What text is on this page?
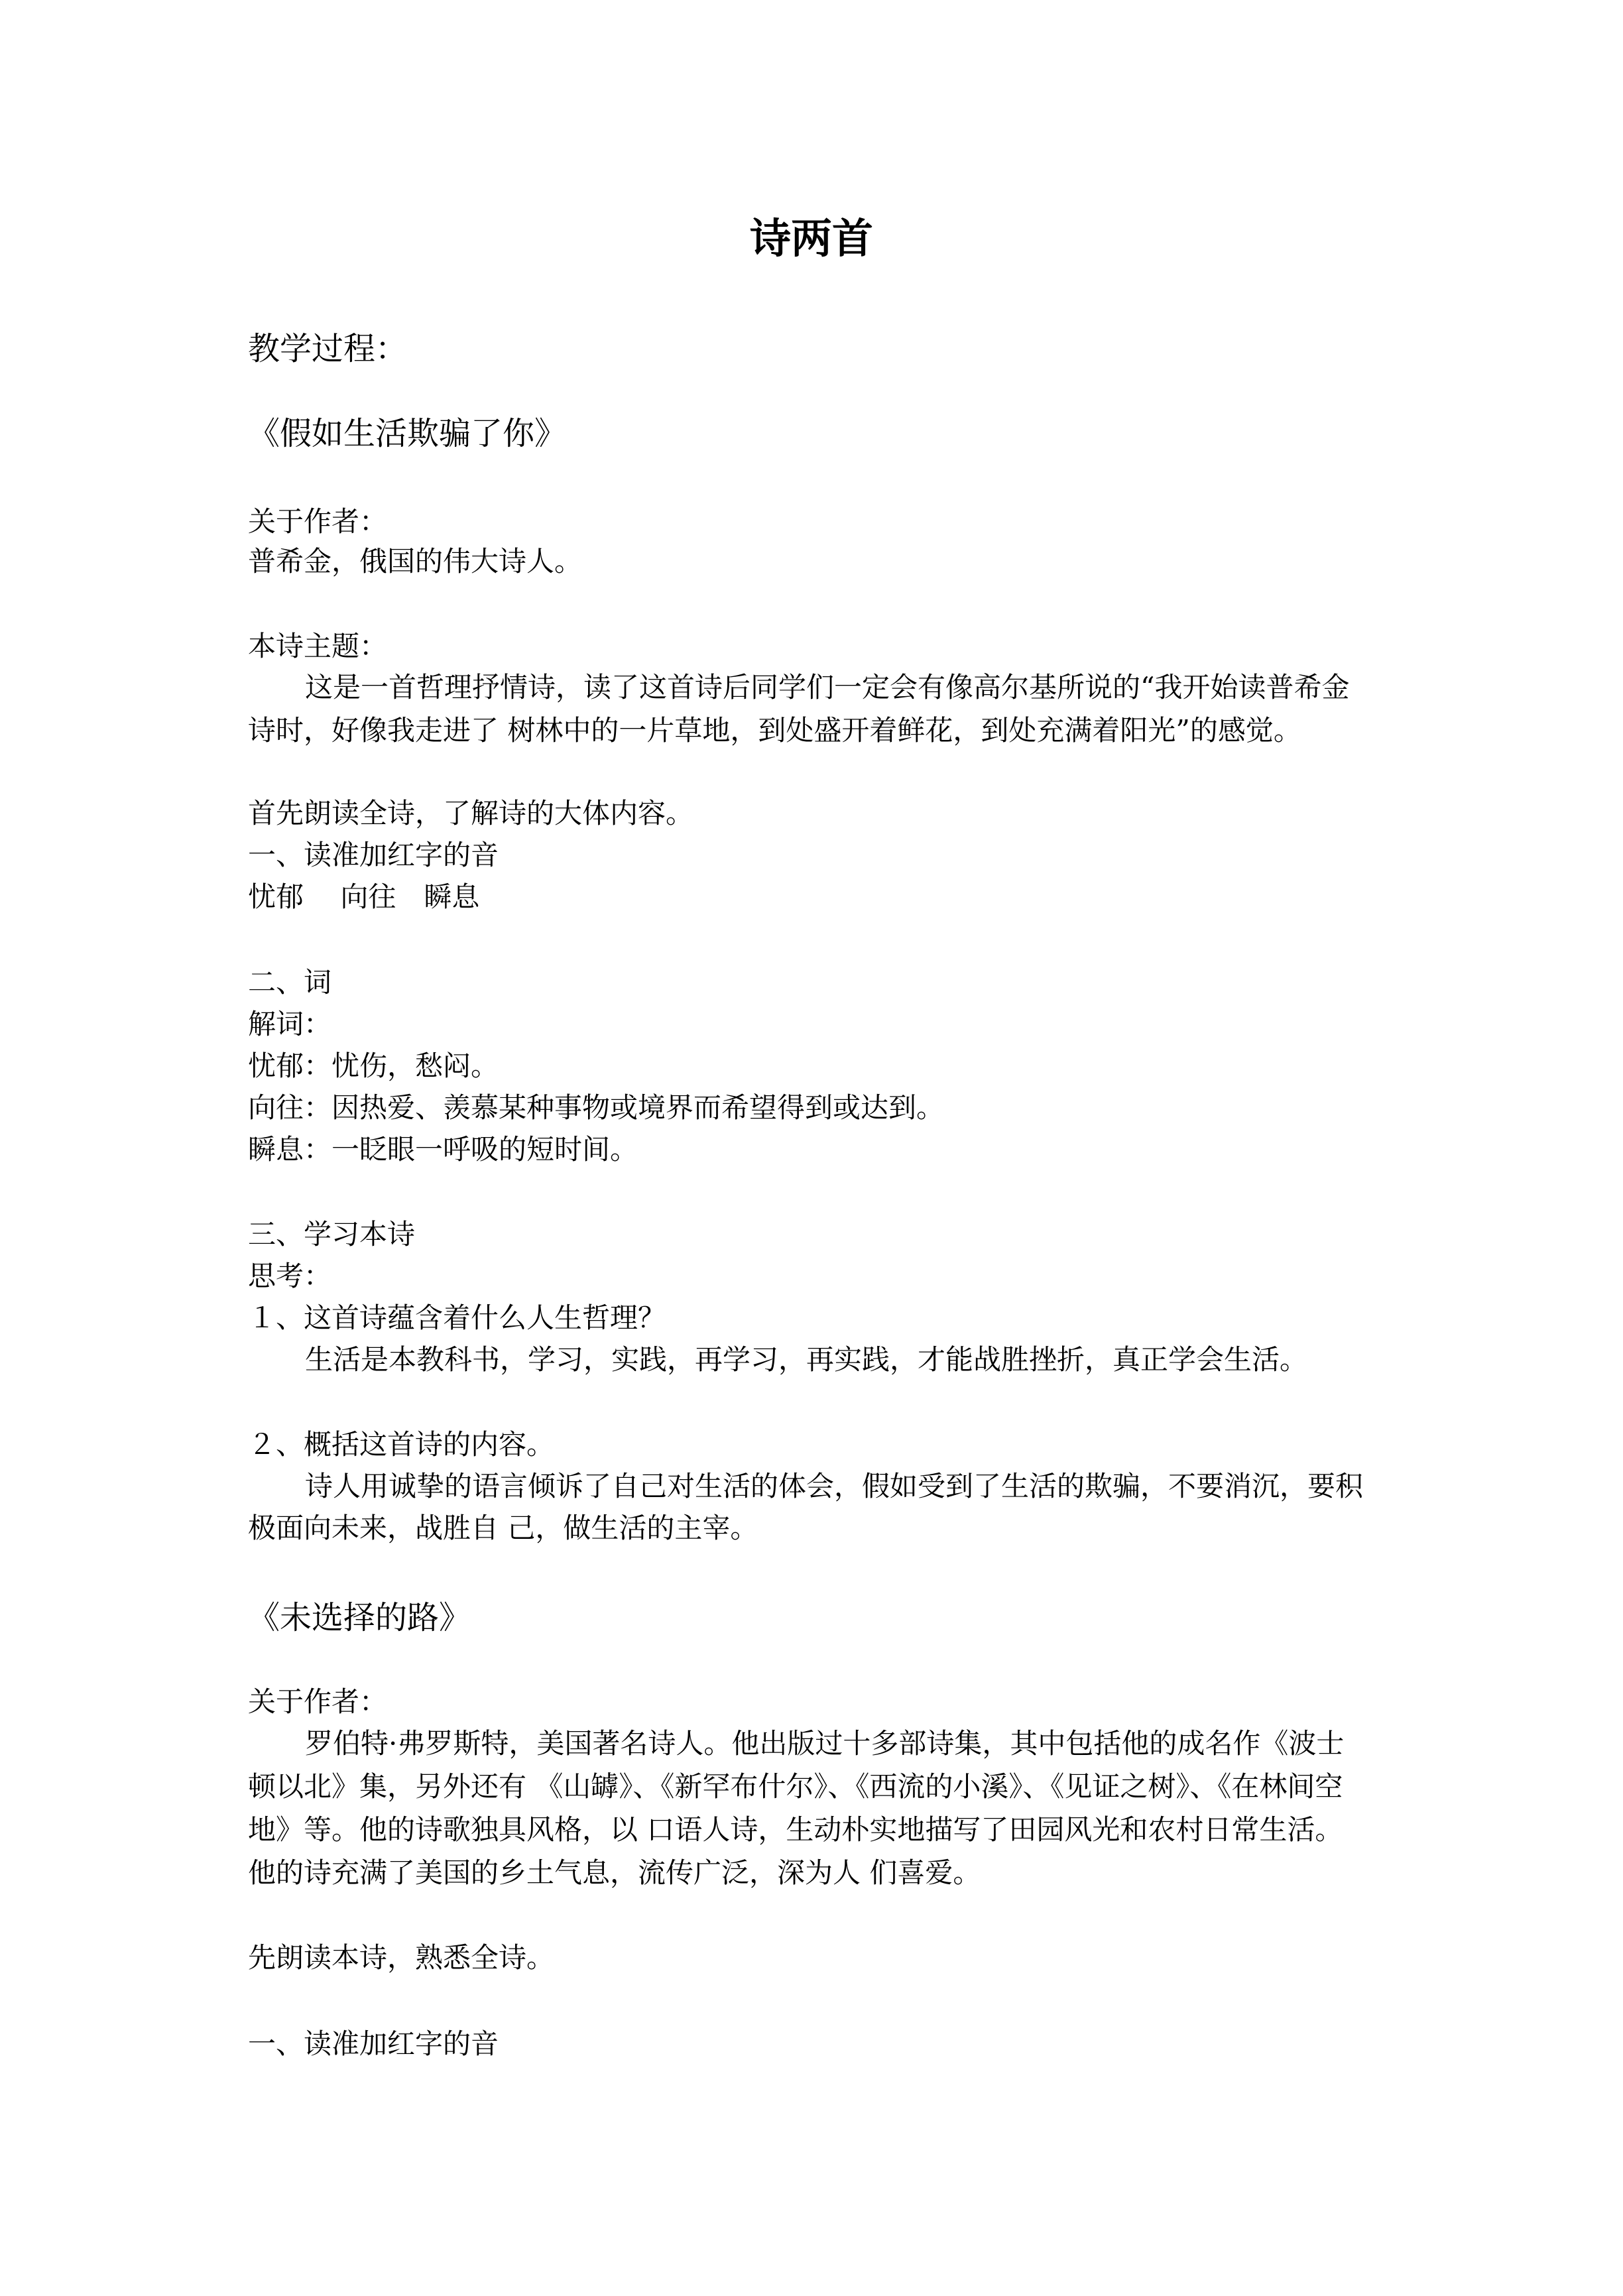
诗两首

教学过程：

《假如生活欺骗了你》

关于作者：

普希金，俄国的伟大诗人。

本诗主题：

这是一首哲理抒情诗，读了这首诗后同学们一定会有像高尔基所说的“我开始读普希金

诗时，好像我走进了 树林中的一片草地，到处盛开着鲜花，到处充满着阳光”的感觉。

首先朗读全诗，了解诗的大体内容。

一、读准加红字的音

忧郁　 向往　瞬息

二、词

解词：

忧郁：忧伤，愁闷。

向往：因热爱、羡慕某种事物或境界而希望得到或达到。

瞬息：一眨眼一呼吸的短时间。

三、学习本诗

思考：

１、这首诗蕴含着什么人生哲理？

生活是本教科书，学习，实践，再学习，再实践，才能战胜挫折，真正学会生活。

２、概括这首诗的内容。

诗人用诚挚的语言倾诉了自己对生活的体会，假如受到了生活的欺骗，不要消沉，要积

极面向未来，战胜自 己，做生活的主宰。

《未选择的路》

关于作者：

罗伯特·弗罗斯特，美国著名诗人。他出版过十多部诗集，其中包括他的成名作《波士

顿以北》集，另外还有 《山罅》、《新罕布什尔》、《西流的小溪》、《见证之树》、《在林间空

地》等。他的诗歌独具风格，以 口语人诗，生动朴实地描写了田园风光和农村日常生活。

他的诗充满了美国的乡土气息，流传广泛，深为人 们喜爱。

先朗读本诗，熟悉全诗。

一、读准加红字的音
